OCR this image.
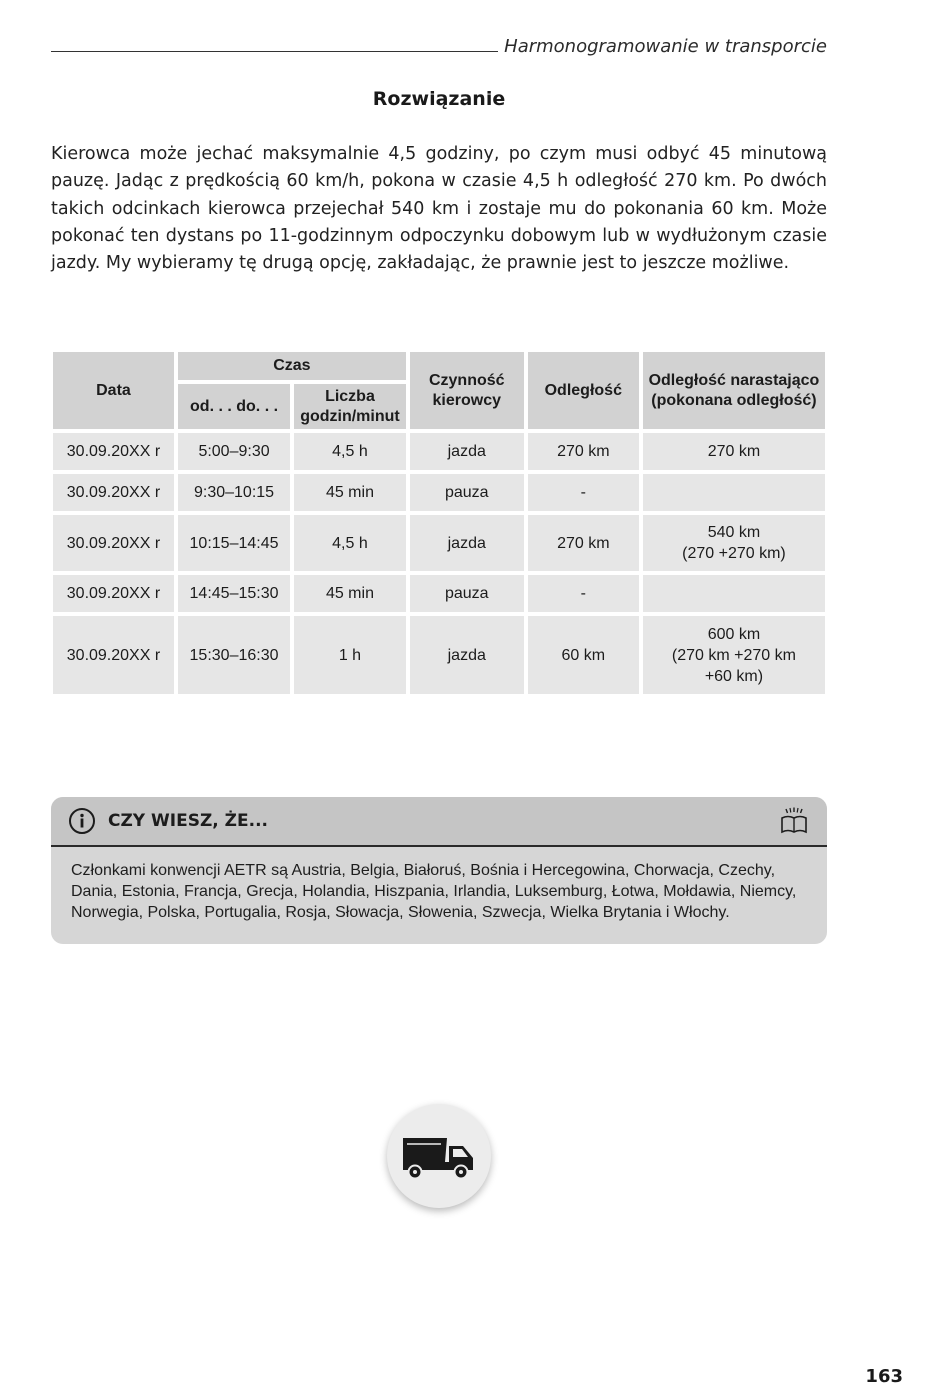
Harmonogramowanie w transporcie
Rozwiązanie

Kierowca może jechać maksymalnie 4,5 godziny, po czym musi odbyć 45 minutową pauzę. Jadąc z prędkością 60 km/h, pokona w czasie 4,5 h odległość 270 km. Po dwóch takich odcinkach kierowca przejechał 540 km i zostaje mu do pokonania 60 km. Może pokonać ten dystans po 11-godzinnym odpoczynku dobowym lub w wydłużonym czasie jazdy. My wybieramy tę drugą opcję, zakładając, że prawnie jest to jeszcze możliwe.

Data	Czas		Czynność kierowcy	Odległość	Odległość narastająco (pokonana odległość)
	od. . . do. . .	Liczba godzin/minut			
30.09.20XX r	5:00–9:30	4,5 h	jazda	270 km	270 km

30.09.20XX r	9:30–10:15	45 min	pauza	-	
30.09.20XX r	10:15–14:45	4,5 h	jazda	270 km	540 km
(270 +270 km)

30.09.20XX r	14:45–15:30	45 min	pauza	-	
30.09.20XX r	15:30–16:30	1 h	jazda	60 km	600 km
(270 km +270 km
+60 km)
CZY WIESZ, ŻE...
Członkami konwencji AETR są Austria, Belgia, Białoruś, Bośnia i Hercegowina, Chorwacja, Czechy, Dania, Estonia, Francja, Grecja, Holandia, Hiszpania, Irlandia, Luksemburg, Łotwa, Mołdawia, Niemcy, Norwegia, Polska, Portugalia, Rosja, Słowacja, Słowenia, Szwecja, Wielka Brytania i Włochy.
163
